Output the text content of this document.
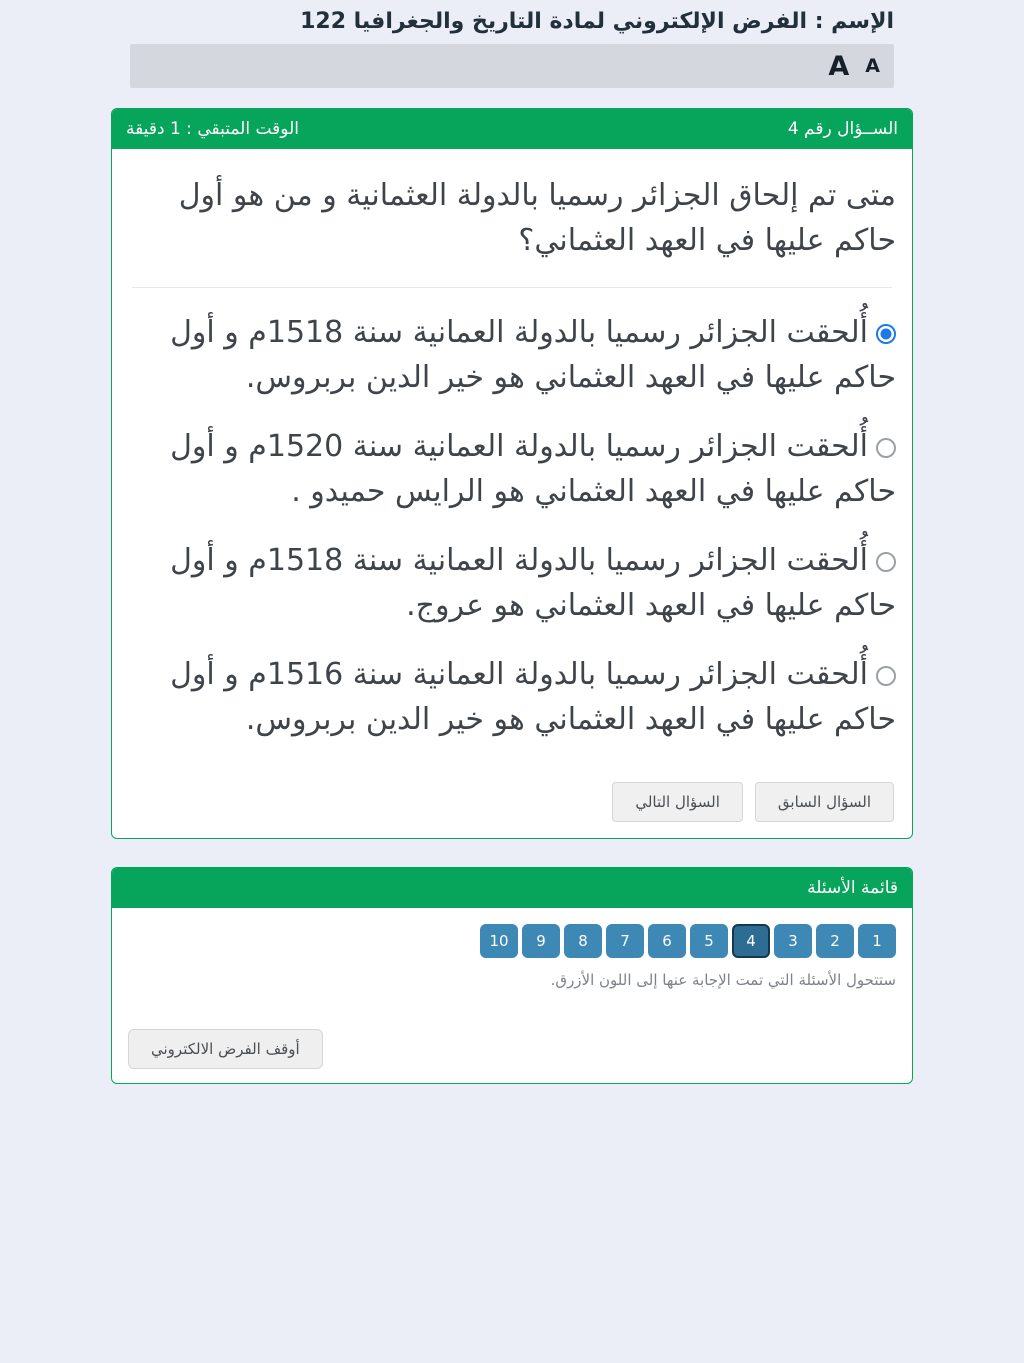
الإسم : الفرض الإلكتروني لمادة التاريخ والجغرافيا 122
A
A
الســؤال رقم 4
الوقت المتبقي : 1 دقيقة

متى تم إلحاق الجزائر رسميا بالدولة العثمانية و من هو أول حاكم عليها في العهد العثماني؟

أُلحقت الجزائر رسميا بالدولة العمانية سنة 1518م و أول حاكم عليها في العهد العثماني هو خير الدين بربروس.
أُلحقت الجزائر رسميا بالدولة العمانية سنة 1520م و أول حاكم عليها في العهد العثماني هو الرايس حميدو .
أُلحقت الجزائر رسميا بالدولة العمانية سنة 1518م و أول حاكم عليها في العهد العثماني هو عروج.
أُلحقت الجزائر رسميا بالدولة العمانية سنة 1516م و أول حاكم عليها في العهد العثماني هو خير الدين بربروس.
السؤال السابق
السؤال التالي
قائمة الأسئلة
1
2
3
4
5
6
7
8
9
10

ستتحول الأسئلة التي تمت الإجابة عنها إلى اللون الأزرق.

أوقف الفرض الالكتروني
